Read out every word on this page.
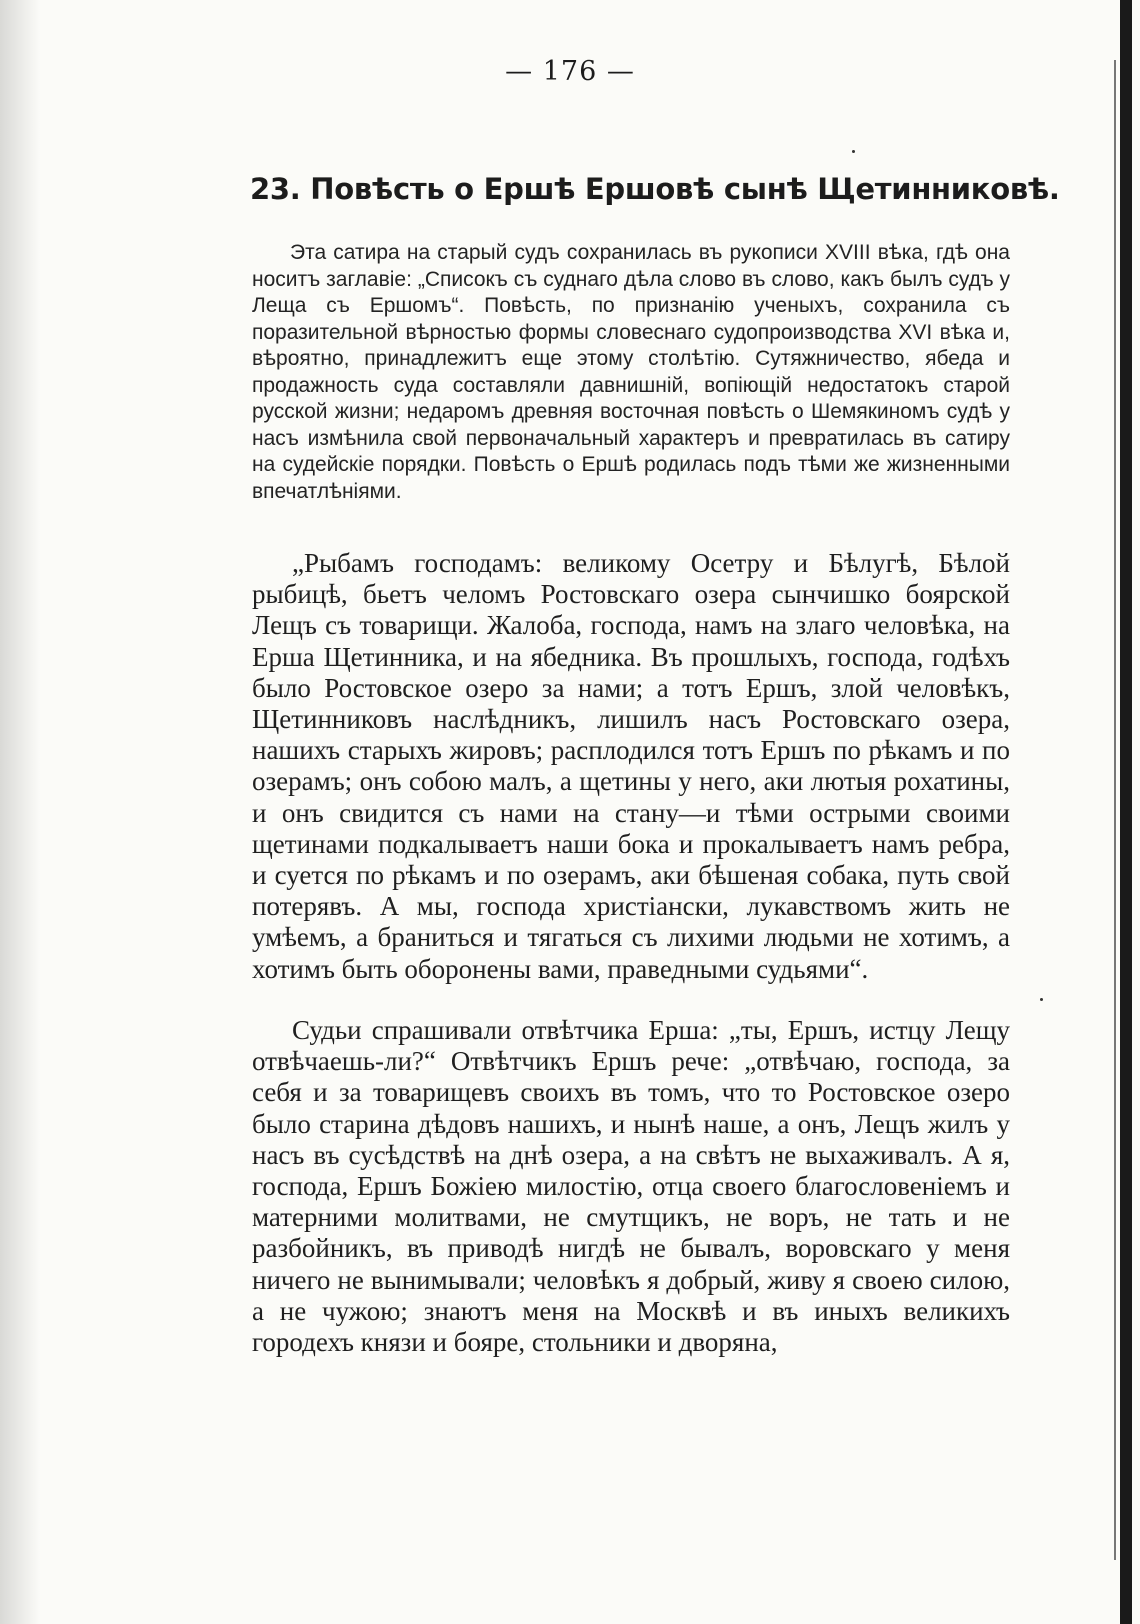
— 176 —
23. Повѣсть о Ершѣ Ершовѣ сынѣ Щетинниковѣ.

Эта сатира на старый судъ сохранилась въ рукописи XVIII вѣка, гдѣ она носитъ заглавіе: „Списокъ съ суднаго дѣла слово въ слово, какъ былъ судъ у Леща съ Ершомъ“. Повѣсть, по признанію ученыхъ, сохранила съ поразительной вѣрностью формы словеснаго судопроизводства XVI вѣка и, вѣроятно, принадлежитъ еще этому столѣтію. Сутяжничество, ябеда и продажность суда составляли давнишній, вопіющій недостатокъ старой русской жизни; недаромъ древняя восточная повѣсть о Шемякиномъ судѣ у насъ измѣнила свой первоначальный характеръ и превратилась въ сатиру на судейскіе порядки. Повѣсть о Ершѣ родилась подъ тѣми же жизненными впечатлѣніями.

„Рыбамъ господамъ: великому Осетру и Бѣлугѣ, Бѣлой рыбицѣ, бьетъ челомъ Ростовскаго озера сынчишко боярской Лещъ съ товарищи. Жалоба, господа, намъ на злаго человѣка, на Ерша Щетинника, и на ябедника. Въ прошлыхъ, господа, годѣхъ было Ростовское озеро за нами; а тотъ Ершъ, злой человѣкъ, Щетинниковъ наслѣдникъ, лишилъ насъ Ростовскаго озера, нашихъ старыхъ жировъ; расплодился тотъ Ершъ по рѣкамъ и по озерамъ; онъ собою малъ, а щетины у него, аки лютыя рохатины, и онъ свидится съ нами на стану—и тѣми острыми своими щетинами подкалываетъ наши бока и прокалываетъ намъ ребра, и суется по рѣкамъ и по озерамъ, аки бѣшеная собака, путь свой потерявъ. А мы, господа христіански, лукавствомъ жить не умѣемъ, а браниться и тягаться съ лихими людьми не хотимъ, а хотимъ быть оборонены вами, праведными судьями“.

Судьи спрашивали отвѣтчика Ерша: „ты, Ершъ, истцу Лещу отвѣчаешь-ли?“ Отвѣтчикъ Ершъ рече: „отвѣчаю, господа, за себя и за товарищевъ своихъ въ томъ, что то Ростовское озеро было старина дѣдовъ нашихъ, и нынѣ наше, а онъ, Лещъ жилъ у насъ въ сусѣдствѣ на днѣ озера, а на свѣтъ не выхаживалъ. А я, господа, Ершъ Божіею милостію, отца своего благословеніемъ и матерними молитвами, не смутщикъ, не воръ, не тать и не разбойникъ, въ приводѣ нигдѣ не бывалъ, воровскаго у меня ничего не вынимывали; человѣкъ я добрый, живу я своею силою, а не чужою; знаютъ меня на Москвѣ и въ иныхъ великихъ городехъ князи и бояре, стольники и дворяна,
